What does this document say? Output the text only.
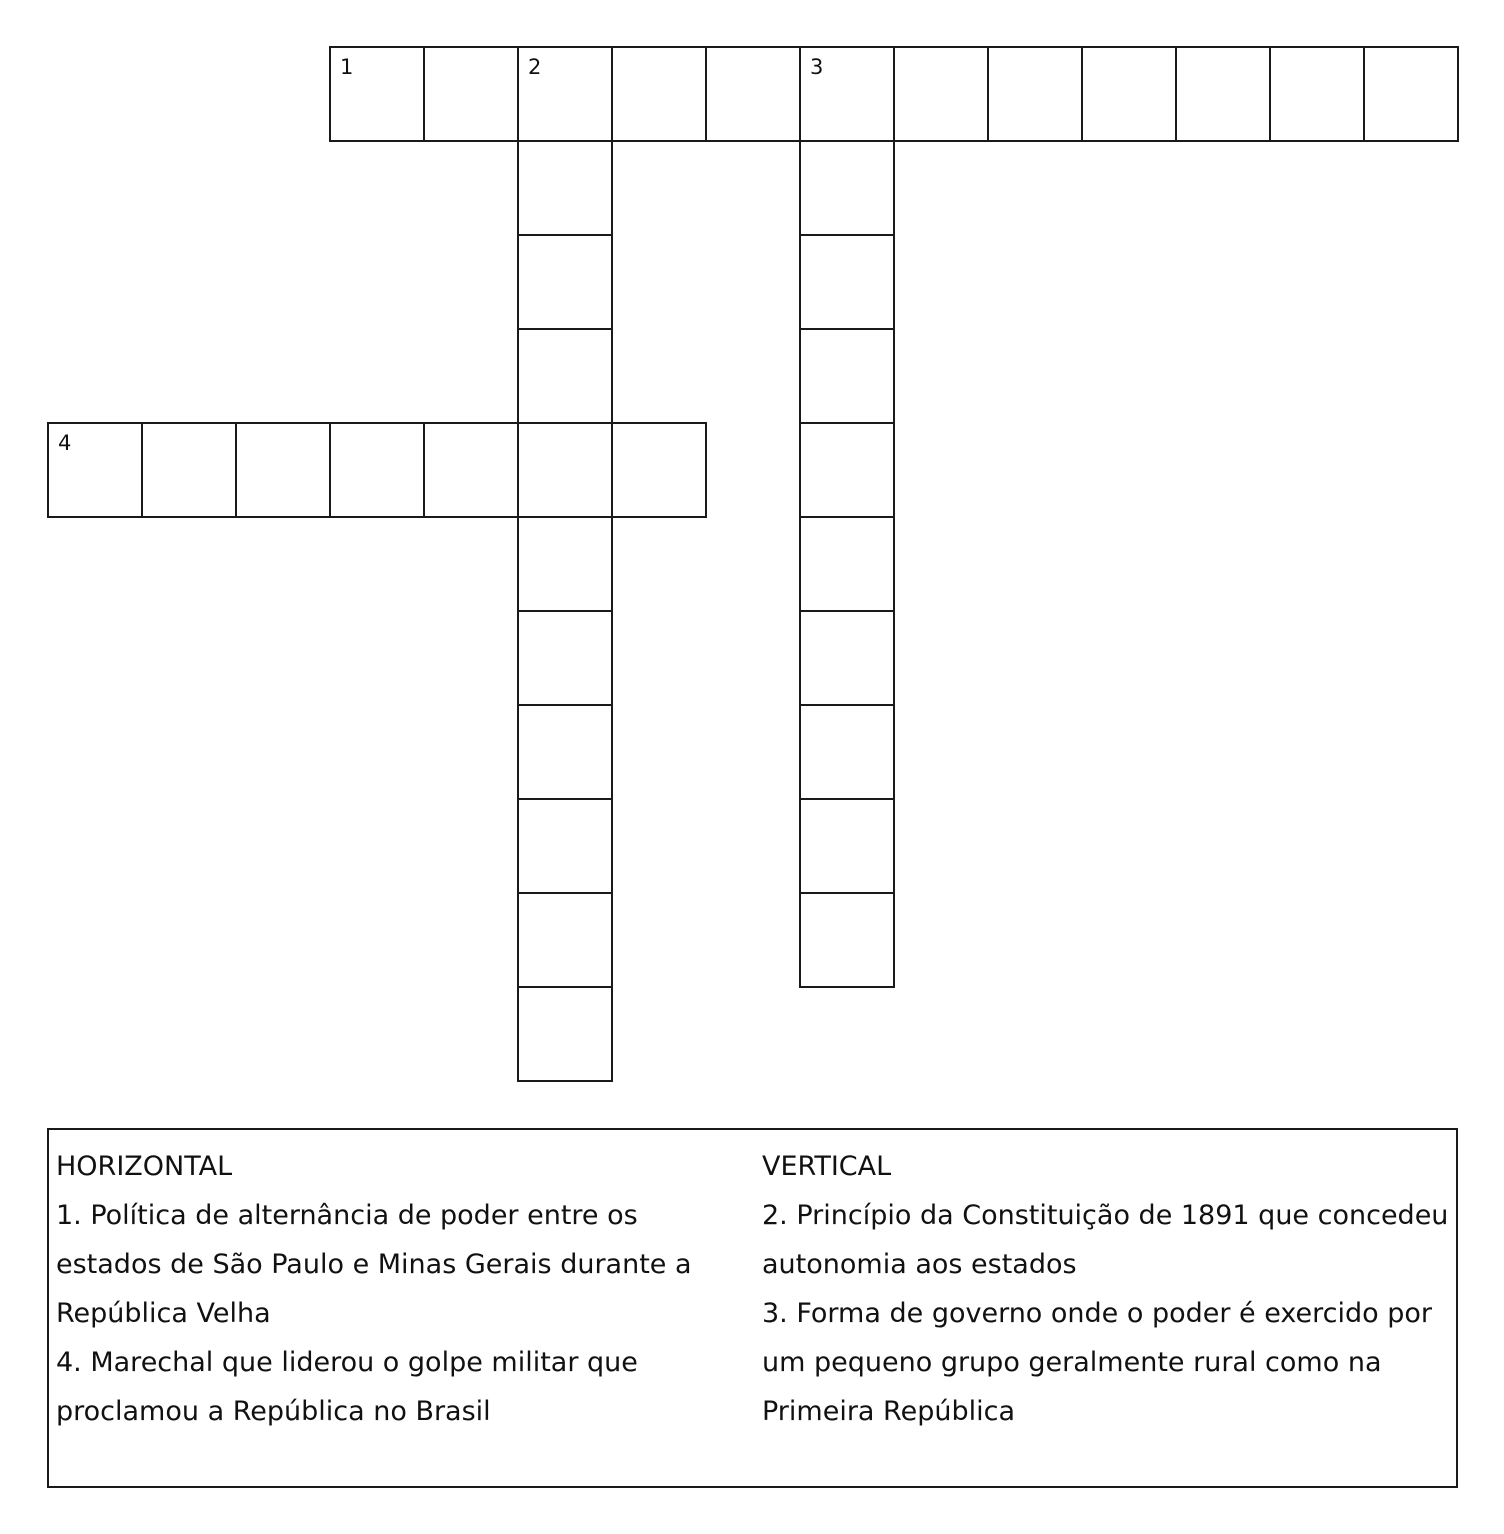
1	2	3
4
HORIZONTAL
1. Política de alternância de poder entre os
estados de São Paulo e Minas Gerais durante a
República Velha
4. Marechal que liderou o golpe militar que
proclamou a República no Brasil
VERTICAL
2. Princípio da Constituição de 1891 que concedeu
autonomia aos estados
3. Forma de governo onde o poder é exercido por
um pequeno grupo geralmente rural como na
Primeira República
